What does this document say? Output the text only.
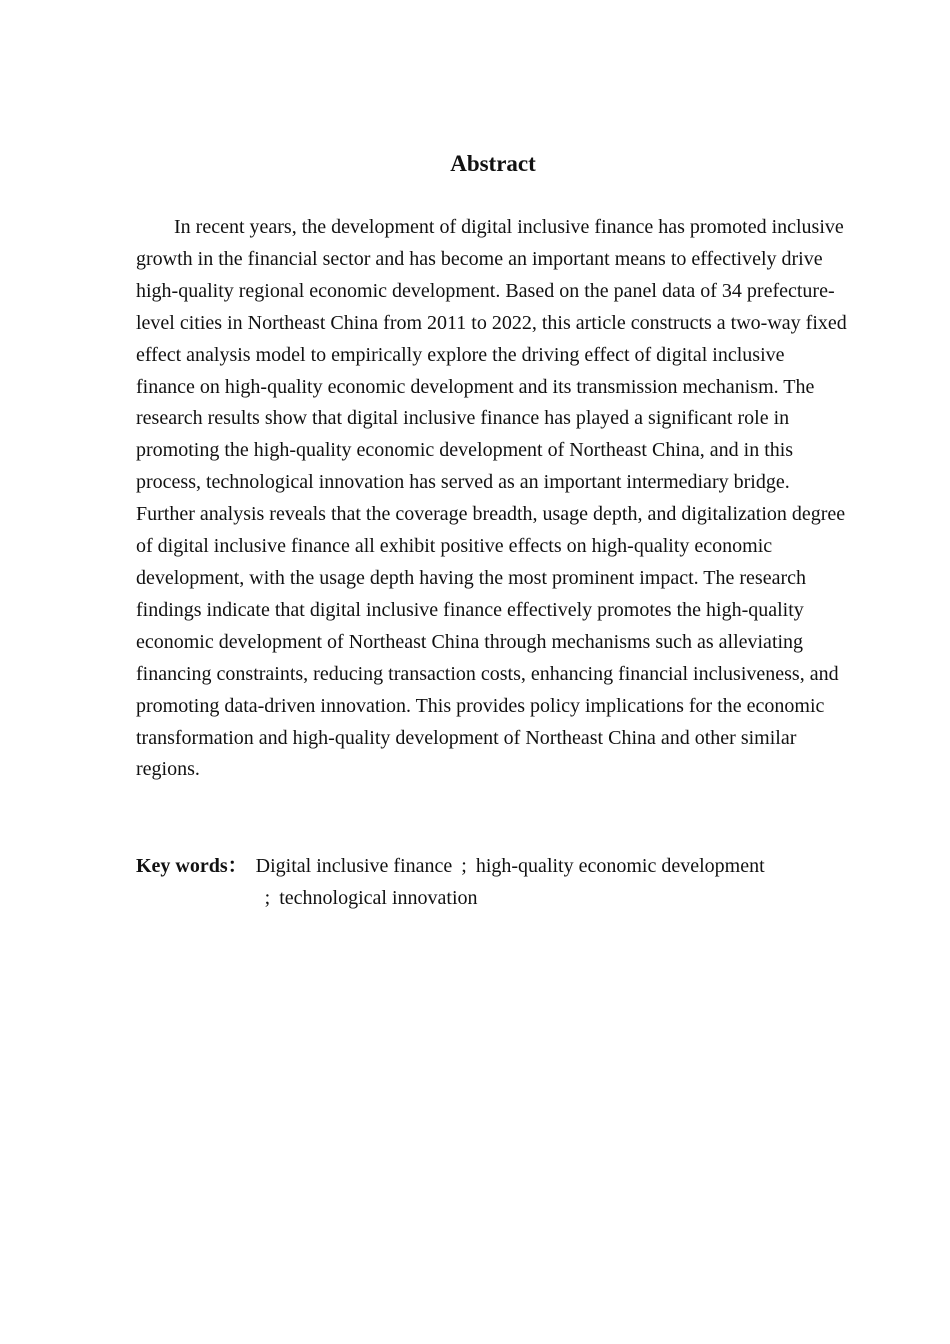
Abstract

In recent years, the development of digital inclusive finance has promoted inclusive growth in the financial sector and has become an important means to effectively drive high-quality regional economic development. Based on the panel data of 34 prefecture-level cities in Northeast China from 2011 to 2022, this article constructs a two-way fixed effect analysis model to empirically explore the driving effect of digital inclusive finance on high-quality economic development and its transmission mechanism. The research results show that digital inclusive finance has played a significant role in promoting the high-quality economic development of Northeast China, and in this process, technological innovation has served as an important intermediary bridge. Further analysis reveals that the coverage breadth, usage depth, and digitalization degree of digital inclusive finance all exhibit positive effects on high-quality economic development, with the usage depth having the most prominent impact. The research findings indicate that digital inclusive finance effectively promotes the high-quality economic development of Northeast China through mechanisms such as alleviating financing constraints, reducing transaction costs, enhancing financial inclusiveness, and promoting data-driven innovation. This provides policy implications for the economic transformation and high-quality development of Northeast China and other similar regions.

Key words： Digital inclusive finance ; high-quality economic development ; technological innovation
